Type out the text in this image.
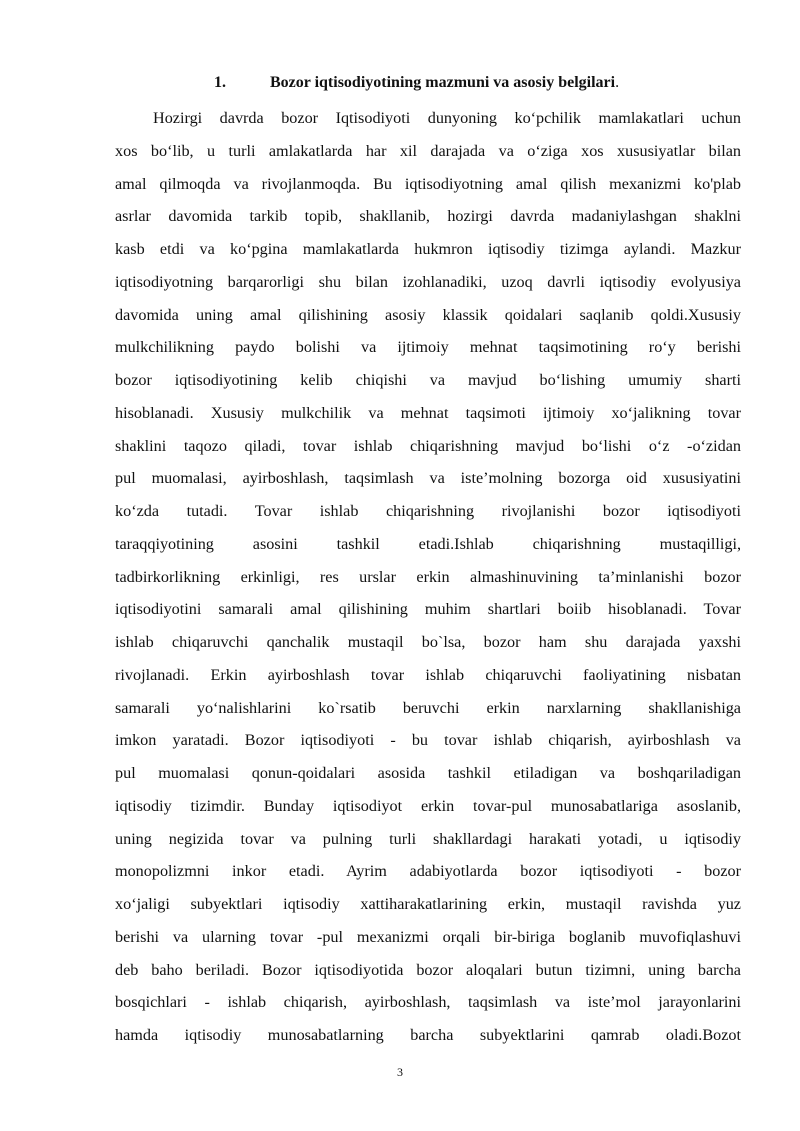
1.	Bozor iqtisodiyotining mazmuni va asosiy belgilari.
Hozirgi davrda bozor Iqtisodiyoti dunyoning ko‘pchilik mamlakatlari uchun
xos bo‘lib, u turli amlakatlarda har xil darajada va o‘ziga xos xususiyatlar bilan
amal qilmoqda va rivojlanmoqda. Bu iqtisodiyotning amal qilish mexanizmi ko'plab
asrlar davomida tarkib topib, shakllanib, hozirgi davrda madaniylashgan shaklni
kasb etdi va ko‘pgina mamlakatlarda hukmron iqtisodiy tizimga aylandi. Mazkur
iqtisodiyotning barqarorligi shu bilan izohlanadiki, uzoq davrli iqtisodiy evolyusiya
davomida uning amal qilishining asosiy klassik qoidalari saqlanib qoldi.Xususiy
mulkchilikning paydo bolishi va ijtimoiy mehnat taqsimotining ro‘y berishi
bozor iqtisodiyotining kelib chiqishi va mavjud bo‘lishing umumiy sharti
hisoblanadi. Xususiy mulkchilik va mehnat taqsimoti ijtimoiy xo‘jalikning tovar
shaklini taqozo qiladi, tovar ishlab chiqarishning mavjud bo‘lishi o‘z -o‘zidan
pul muomalasi, ayirboshlash, taqsimlash va iste’molning bozorga oid xususiyatini
ko‘zda tutadi. Tovar ishlab chiqarishning rivojlanishi bozor iqtisodiyoti
taraqqiyotining asosini tashkil etadi.Ishlab chiqarishning mustaqilligi,
tadbirkorlikning erkinligi, res urslar erkin almashinuvining ta’minlanishi bozor
iqtisodiyotini samarali amal qilishining muhim shartlari boiib hisoblanadi. Tovar
ishlab chiqaruvchi qanchalik mustaqil bo`lsa, bozor ham shu darajada yaxshi
rivojlanadi. Erkin ayirboshlash tovar ishlab chiqaruvchi faoliyatining nisbatan
samarali yo‘nalishlarini ko`rsatib beruvchi erkin narxlarning shakllanishiga
imkon yaratadi. Bozor iqtisodiyoti - bu tovar ishlab chiqarish, ayirboshlash va
pul muomalasi qonun-qoidalari asosida tashkil etiladigan va boshqariladigan
iqtisodiy tizimdir. Bunday iqtisodiyot erkin tovar-pul munosabatlariga asoslanib,
uning negizida tovar va pulning turli shakllardagi harakati yotadi, u iqtisodiy
monopolizmni inkor etadi. Ayrim adabiyotlarda bozor iqtisodiyoti - bozor
xo‘jaligi subyektlari iqtisodiy xattiharakatlarining erkin, mustaqil ravishda yuz
berishi va ularning tovar -pul mexanizmi orqali bir-biriga boglanib muvofiqlashuvi
deb baho beriladi. Bozor iqtisodiyotida bozor aloqalari butun tizimni, uning barcha
bosqichlari - ishlab chiqarish, ayirboshlash, taqsimlash va iste’mol jarayonlarini
hamda iqtisodiy munosabatlarning barcha subyektlarini qamrab oladi.Bozot
3
